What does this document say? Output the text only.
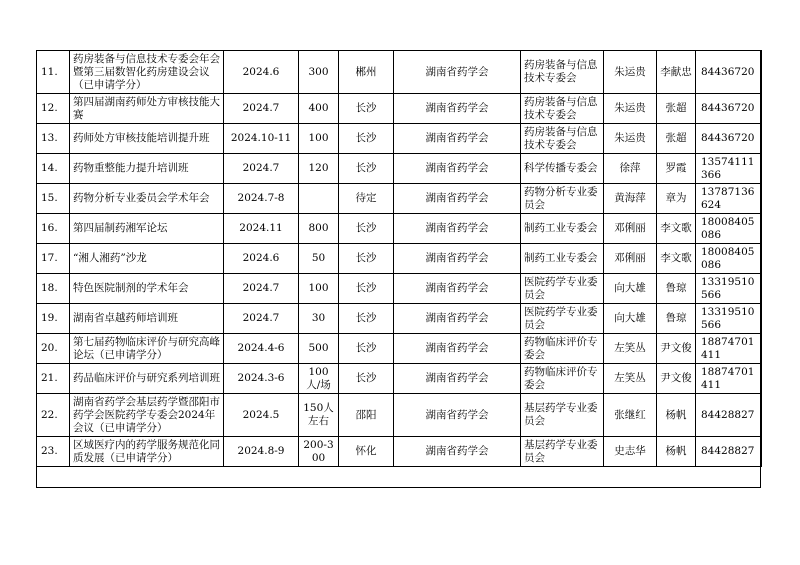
11.	药房装备与信息技术专委会年会暨第三届数智化药房建设会议（已申请学分）	2024.6	300	郴州	湖南省药学会	药房装备与信息技术专委会	朱运贵	李献忠	84436720
12.	第四届湖南药师处方审核技能大赛	2024.7	400	长沙	湖南省药学会	药房装备与信息技术专委会	朱运贵	张超	84436720
13.	药师处方审核技能培训提升班	2024.10-11	100	长沙	湖南省药学会	药房装备与信息技术专委会	朱运贵	张超	84436720
14.	药物重整能力提升培训班	2024.7	120	长沙	湖南省药学会	科学传播专委会	徐萍	罗霞	13574111366
15.	药物分析专业委员会学术年会	2024.7-8		待定	湖南省药学会	药物分析专业委员会	黄海萍	章为	13787136624
16.	第四届制药湘军论坛	2024.11	800	长沙	湖南省药学会	制药工业专委会	邓俐丽	李文歌	18008405086
17.	“湘人湘药”沙龙	2024.6	50	长沙	湖南省药学会	制药工业专委会	邓俐丽	李文歌	18008405086
18.	特色医院制剂的学术年会	2024.7	100	长沙	湖南省药学会	医院药学专业委员会	向大雄	鲁琼	13319510566
19.	湖南省卓越药师培训班	2024.7	30	长沙	湖南省药学会	医院药学专业委员会	向大雄	鲁琼	13319510566
20.	第七届药物临床评价与研究高峰论坛（已申请学分）	2024.4-6	500	长沙	湖南省药学会	药物临床评价专委会	左笑丛	尹文俊	18874701411
21.	药品临床评价与研究系列培训班	2024.3-6	100人/场	长沙	湖南省药学会	药物临床评价专委会	左笑丛	尹文俊	18874701411
22.	湖南省药学会基层药学暨邵阳市药学会医院药学专委会2024年会议（已申请学分）	2024.5	150人左右	邵阳	湖南省药学会	基层药学专业委员会	张继红	杨帆	84428827
23.	区域医疗内的药学服务规范化同质发展（已申请学分）	2024.8-9	200-300	怀化	湖南省药学会	基层药学专业委员会	史志华	杨帆	84428827
